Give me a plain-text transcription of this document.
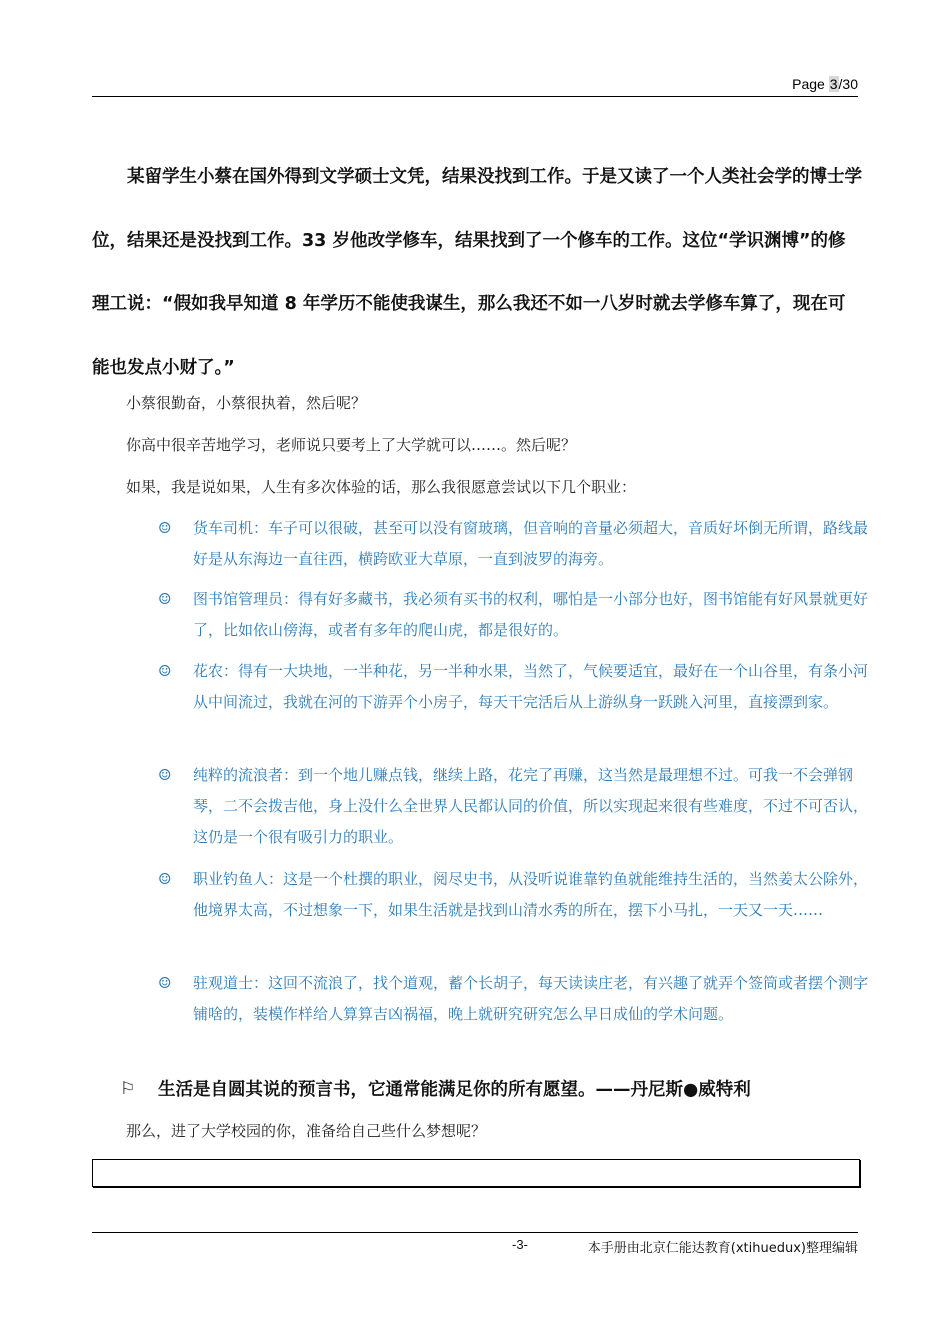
Page 3/30

某留学生小蔡在国外得到文学硕士文凭，结果没找到工作。于是又读了一个人类社会学的博士学位，结果还是没找到工作。33 岁他改学修车，结果找到了一个修车的工作。这位“学识渊博”的修理工说：“假如我早知道 8 年学历不能使我谋生，那么我还不如一八岁时就去学修车算了，现在可能也发点小财了。”

小蔡很勤奋，小蔡很执着，然后呢？

你高中很辛苦地学习，老师说只要考上了大学就可以……。然后呢？

如果，我是说如果，人生有多次体验的话，那么我很愿意尝试以下几个职业：

☺	货车司机：车子可以很破，甚至可以没有窗玻璃，但音响的音量必须超大，音质好坏倒无所谓，路线最好是从东海边一直往西，横跨欧亚大草原，一直到波罗的海旁。
☺	图书馆管理员：得有好多藏书，我必须有买书的权利，哪怕是一小部分也好，图书馆能有好风景就更好了，比如依山傍海，或者有多年的爬山虎，都是很好的。
☺	花农：得有一大块地，一半种花，另一半种水果，当然了，气候要适宜，最好在一个山谷里，有条小河从中间流过，我就在河的下游弄个小房子，每天干完活后从上游纵身一跃跳入河里，直接漂到家。
☺	纯粹的流浪者：到一个地儿赚点钱，继续上路，花完了再赚，这当然是最理想不过。可我一不会弹钢琴，二不会拨吉他，身上没什么全世界人民都认同的价值，所以实现起来很有些难度，不过不可否认，这仍是一个很有吸引力的职业。
☺	职业钓鱼人：这是一个杜撰的职业，阅尽史书，从没听说谁靠钓鱼就能维持生活的，当然姜太公除外，他境界太高，不过想象一下，如果生活就是找到山清水秀的所在，摆下小马扎，一天又一天……
☺	驻观道士：这回不流浪了，找个道观，蓄个长胡子，每天读读庄老，有兴趣了就弄个签筒或者摆个测字铺啥的，装模作样给人算算吉凶祸福，晚上就研究研究怎么早日成仙的学术问题。
⚐	生活是自圆其说的预言书，它通常能满足你的所有愿望。——丹尼斯●威特利

那么，进了大学校园的你，准备给自己些什么梦想呢？

-3-	本手册由北京仁能达教育(xtihuedux)整理编辑
